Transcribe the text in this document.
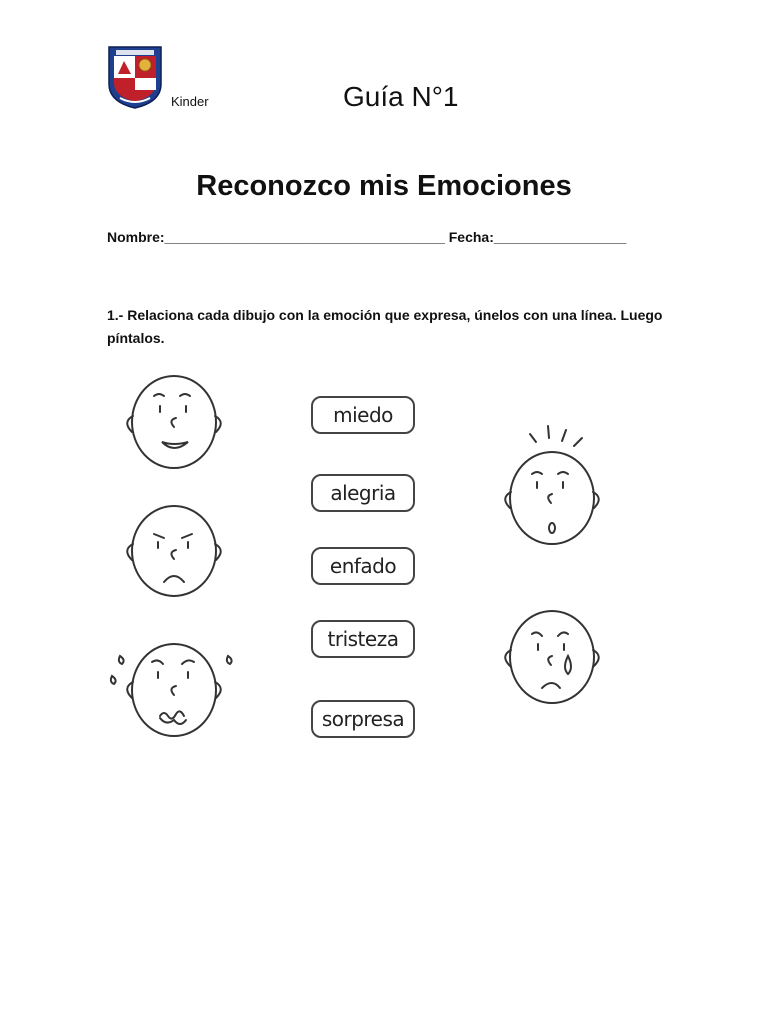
Kinder	Guía N°1
Reconozco mis Emociones
Nombre:____________________________________ Fecha:_________________
1.- Relaciona cada dibujo con la emoción que expresa, únelos con una línea. Luego píntalos.
miedo
alegria
enfado
tristeza
sorpresa
